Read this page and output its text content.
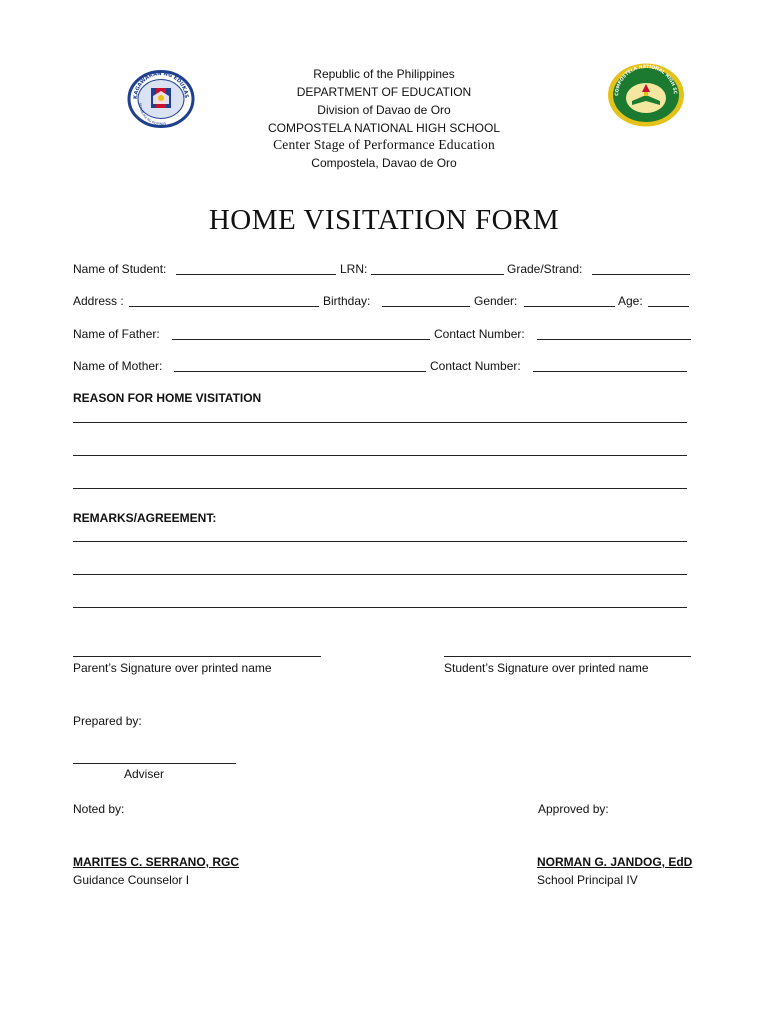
KAGAWARAN NG EDUKAS
REPUBLIKA NG PILIPINAS
COMPOSTELA NATIONAL HIGH SC
Republic of the Philippines
DEPARTMENT OF EDUCATION
Division of Davao de Oro
COMPOSTELA NATIONAL HIGH SCHOOL
Center Stage of Performance Education
Compostela, Davao de Oro
HOME VISITATION FORM
Name of Student:	LRN:	Grade/Strand:
Address :	Birthday:	Gender:	Age:
Name of Father:	Contact Number:
Name of Mother:	Contact Number:
REASON FOR HOME VISITATION
REMARKS/AGREEMENT:
Parent’s Signature over printed name	Student’s Signature over printed name
Prepared by:
Adviser
Noted by:	Approved by:
MARITES C. SERRANO, RGC
Guidance Counselor I
NORMAN G. JANDOG, EdD
School Principal IV
